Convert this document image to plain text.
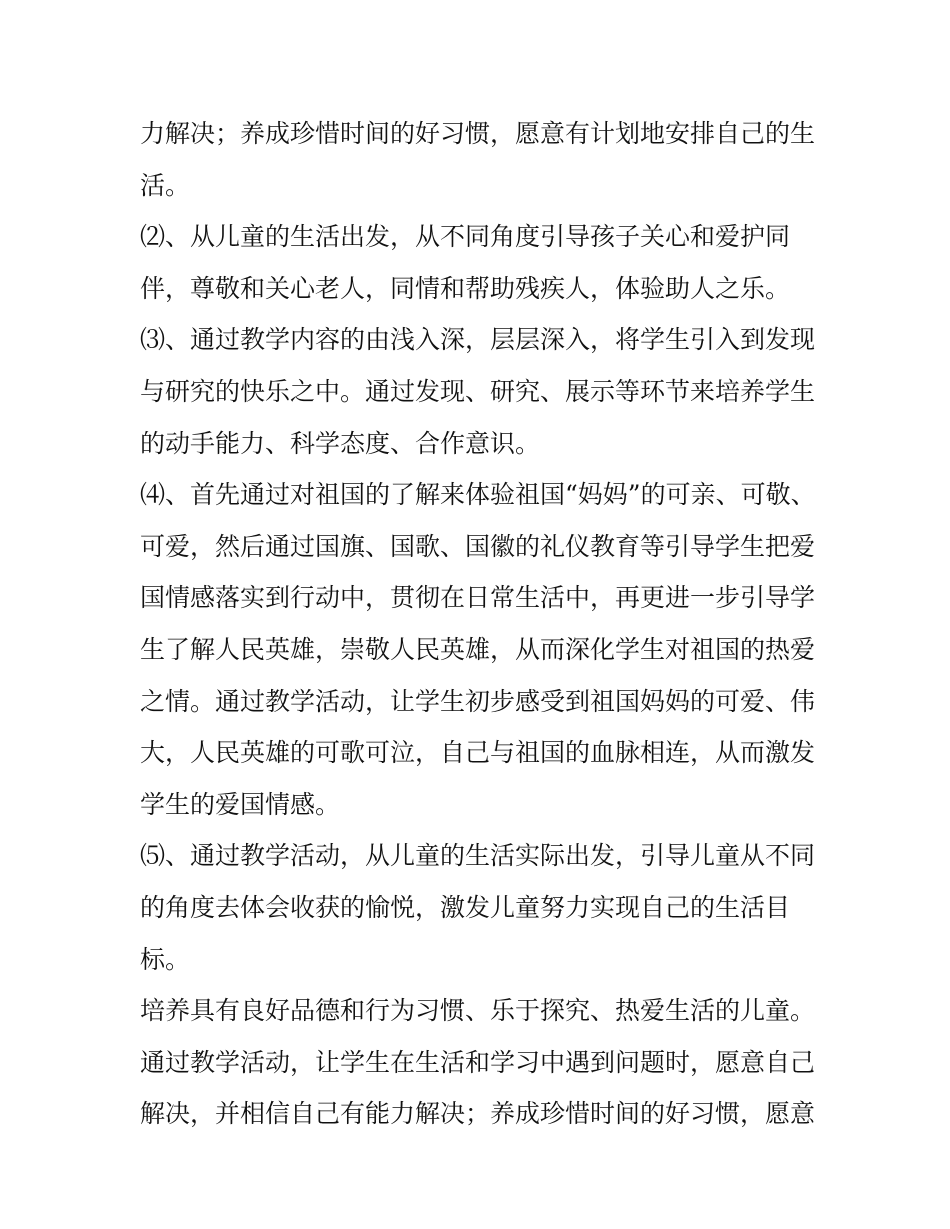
力解决；养成珍惜时间的好习惯，愿意有计划地安排自己的生
活。
⑵、从儿童的生活出发，从不同角度引导孩子关心和爱护同
伴，尊敬和关心老人，同情和帮助残疾人，体验助人之乐。
⑶、通过教学内容的由浅入深，层层深入，将学生引入到发现
与研究的快乐之中。通过发现、研究、展示等环节来培养学生
的动手能力、科学态度、合作意识。
⑷、首先通过对祖国的了解来体验祖国“妈妈”的可亲、可敬、
可爱，然后通过国旗、国歌、国徽的礼仪教育等引导学生把爱
国情感落实到行动中，贯彻在日常生活中，再更进一步引导学
生了解人民英雄，崇敬人民英雄，从而深化学生对祖国的热爱
之情。通过教学活动，让学生初步感受到祖国妈妈的可爱、伟
大，人民英雄的可歌可泣，自己与祖国的血脉相连，从而激发
学生的爱国情感。
⑸、通过教学活动，从儿童的生活实际出发，引导儿童从不同
的角度去体会收获的愉悦，激发儿童努力实现自己的生活目
标。
培养具有良好品德和行为习惯、乐于探究、热爱生活的儿童。
通过教学活动，让学生在生活和学习中遇到问题时，愿意自己
解决，并相信自己有能力解决；养成珍惜时间的好习惯，愿意
